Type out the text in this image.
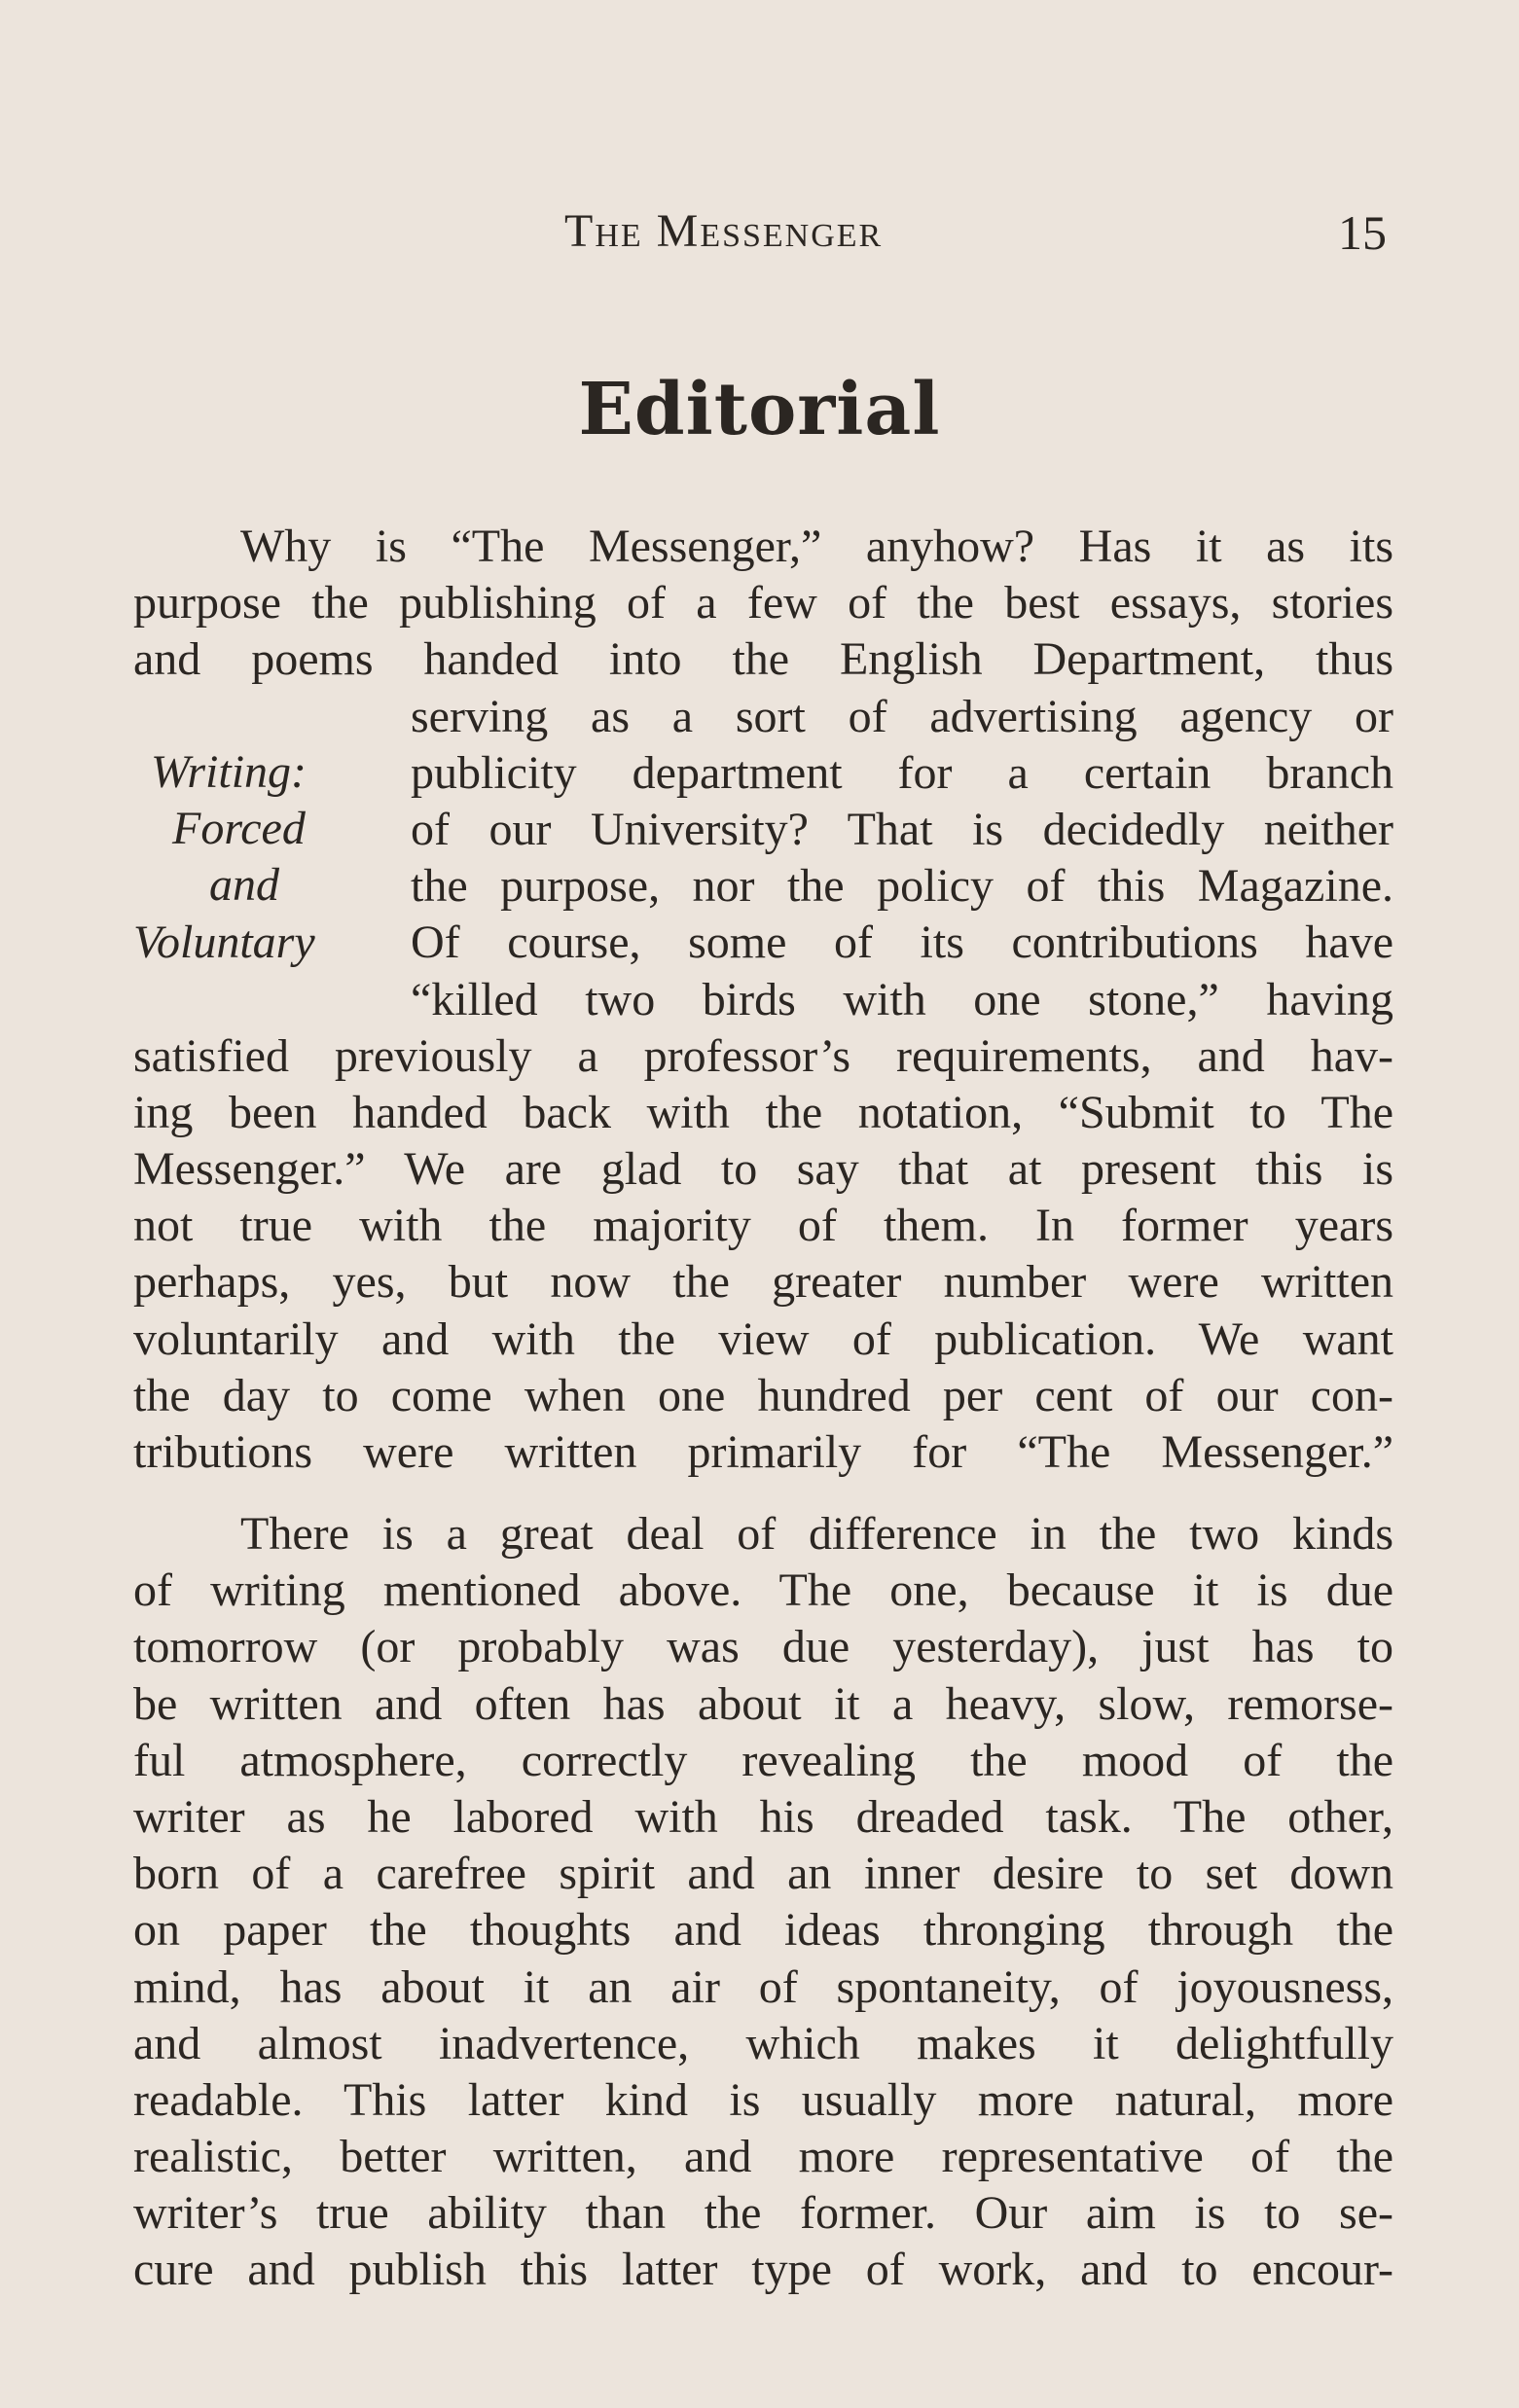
The Messenger	15
Editorial
Writing:
Forced
and
Voluntary
Why is “The Messenger,” anyhow? Has it as its
purpose the publishing of a few of the best essays, stories
and poems handed into the English Department, thus
serving as a sort of advertising agency or
publicity department for a certain branch
of our University? That is decidedly neither
the purpose, nor the policy of this Magazine.
Of course, some of its contributions have
“killed two birds with one stone,” having
satisfied previously a professor’s requirements, and hav-
ing been handed back with the notation, “Submit to The
Messenger.” We are glad to say that at present this is
not true with the majority of them. In former years
perhaps, yes, but now the greater number were written
voluntarily and with the view of publication. We want
the day to come when one hundred per cent of our con-
tributions were written primarily for “The Messenger.”
There is a great deal of difference in the two kinds
of writing mentioned above. The one, because it is due
tomorrow (or probably was due yesterday), just has to
be written and often has about it a heavy, slow, remorse-
ful atmosphere, correctly revealing the mood of the
writer as he labored with his dreaded task. The other,
born of a carefree spirit and an inner desire to set down
on paper the thoughts and ideas thronging through the
mind, has about it an air of spontaneity, of joyousness,
and almost inadvertence, which makes it delightfully
readable. This latter kind is usually more natural, more
realistic, better written, and more representative of the
writer’s true ability than the former. Our aim is to se-
cure and publish this latter type of work, and to encour-
